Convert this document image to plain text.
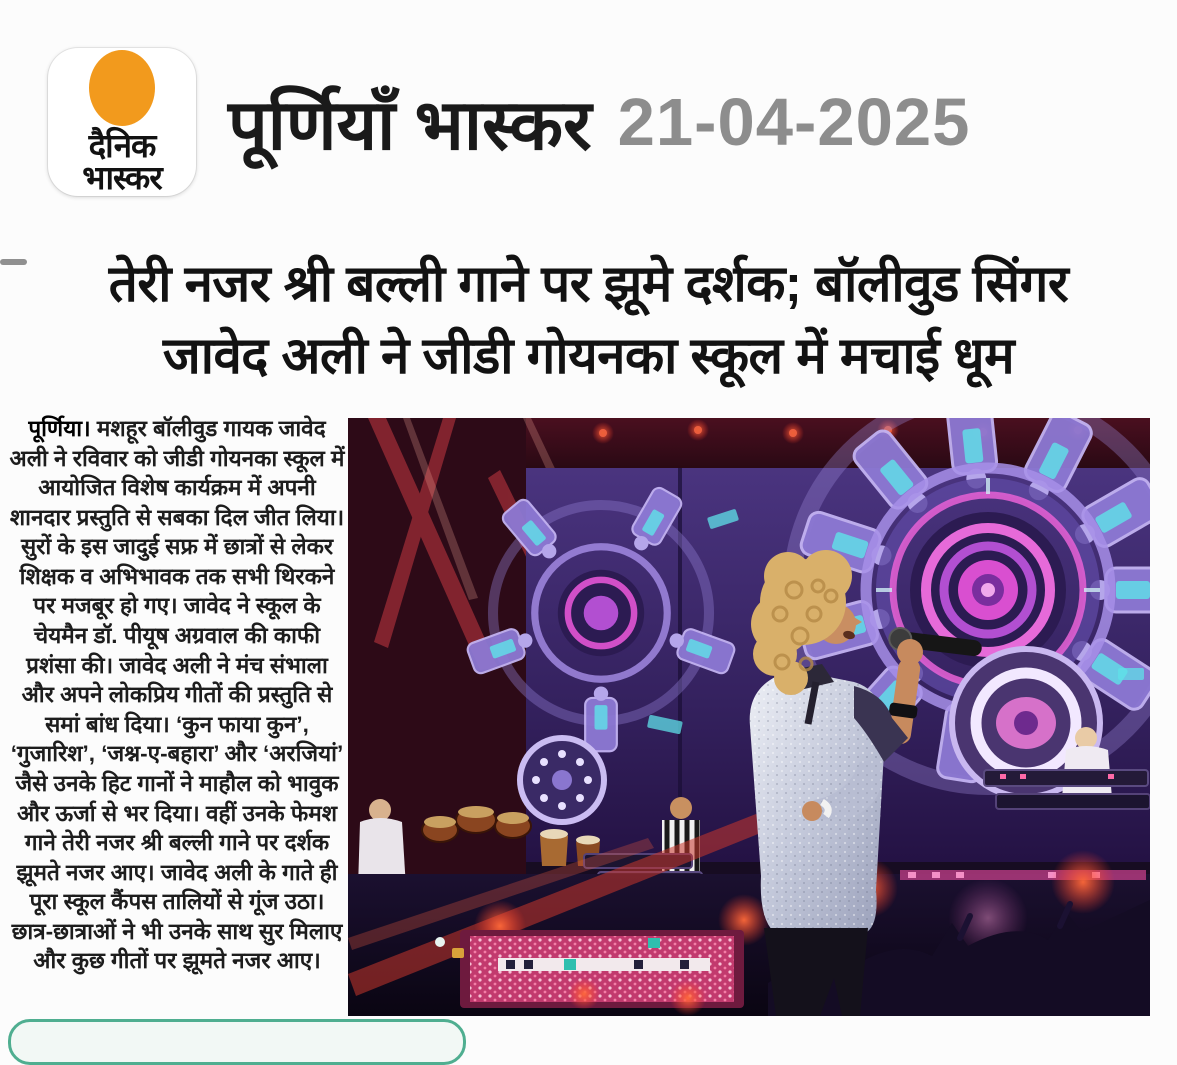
दैनिक
भास्कर
पूर्णियाँ भास्कर 21-04-2025
तेरी नजर श्री बल्ली गाने पर झूमे दर्शक; बॉलीवुड सिंगर
जावेद अली ने जीडी गोयनका स्कूल में मचाई धूम
पूर्णिया। मशहूर बॉलीवुड गायक जावेद अली ने रविवार को जीडी गोयनका स्कूल में आयोजित विशेष कार्यक्रम में अपनी शानदार प्रस्तुति से सबका दिल जीत लिया। सुरों के इस जादुई सफ्र में छात्रों से लेकर शिक्षक व अभिभावक तक सभी थिरकने पर मजबूर हो गए। जावेद ने स्कूल के चेयमैन डॉ. पीयूष अग्रवाल की काफी प्रशंसा की। जावेद अली ने मंच संभाला और अपने लोकप्रिय गीतों की प्रस्तुति से समां बांध दिया। ‘कुन फाया कुन’, ‘गुजारिश’, ‘जश्न-ए-बहारा’ और ‘अरजियां’ जैसे उनके हिट गानों ने माहौल को भावुक और ऊर्जा से भर दिया। वहीं उनके फेमश गाने तेरी नजर श्री बल्ली गाने पर दर्शक झूमते नजर आए। जावेद अली के गाते ही पूरा स्कूल कैंपस तालियों से गूंज उठा। छात्र-छात्राओं ने भी उनके साथ सुर मिलाए और कुछ गीतों पर झूमते नजर आए।
